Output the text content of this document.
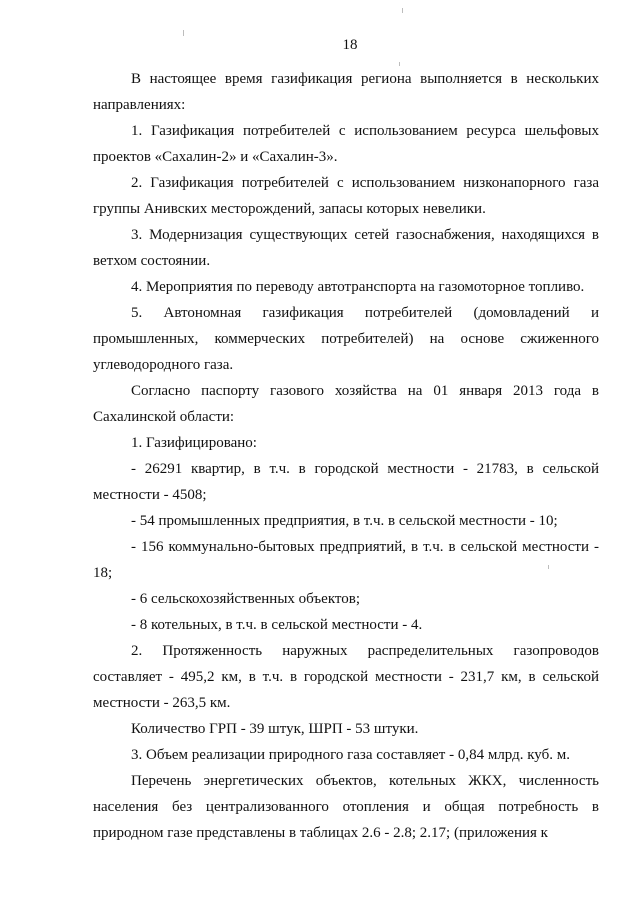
18

В настоящее время газификация региона выполняется в нескольких направлениях:

1. Газификация потребителей с использованием ресурса шельфовых проектов «Сахалин-2» и «Сахалин-3».

2. Газификация потребителей с использованием низконапорного газа группы Анивских месторождений, запасы которых невелики.

3. Модернизация существующих сетей газоснабжения, находящихся в ветхом состоянии.

4. Мероприятия по переводу автотранспорта на газомоторное топливо.

5. Автономная газификация потребителей (домовладений и промышленных, коммерческих потребителей) на основе сжиженного углеводородного газа.

Согласно паспорту газового хозяйства на 01 января 2013 года в Сахалинской области:

1. Газифицировано:

- 26291 квартир, в т.ч. в городской местности - 21783, в сельской местности - 4508;

- 54 промышленных предприятия, в т.ч. в сельской местности - 10;

- 156 коммунально-бытовых предприятий, в т.ч. в сельской местности - 18;

- 6 сельскохозяйственных объектов;

- 8 котельных, в т.ч. в сельской местности - 4.

2. Протяженность наружных распределительных газопроводов составляет - 495,2 км, в т.ч. в городской местности - 231,7 км, в сельской местности - 263,5 км.

Количество ГРП - 39 штук, ШРП - 53 штуки.

3. Объем реализации природного газа составляет - 0,84 млрд. куб. м.

Перечень энергетических объектов, котельных ЖКХ, численность населения без централизованного отопления и общая потребность в природном газе представлены в таблицах 2.6 - 2.8; 2.17; (приложения к
